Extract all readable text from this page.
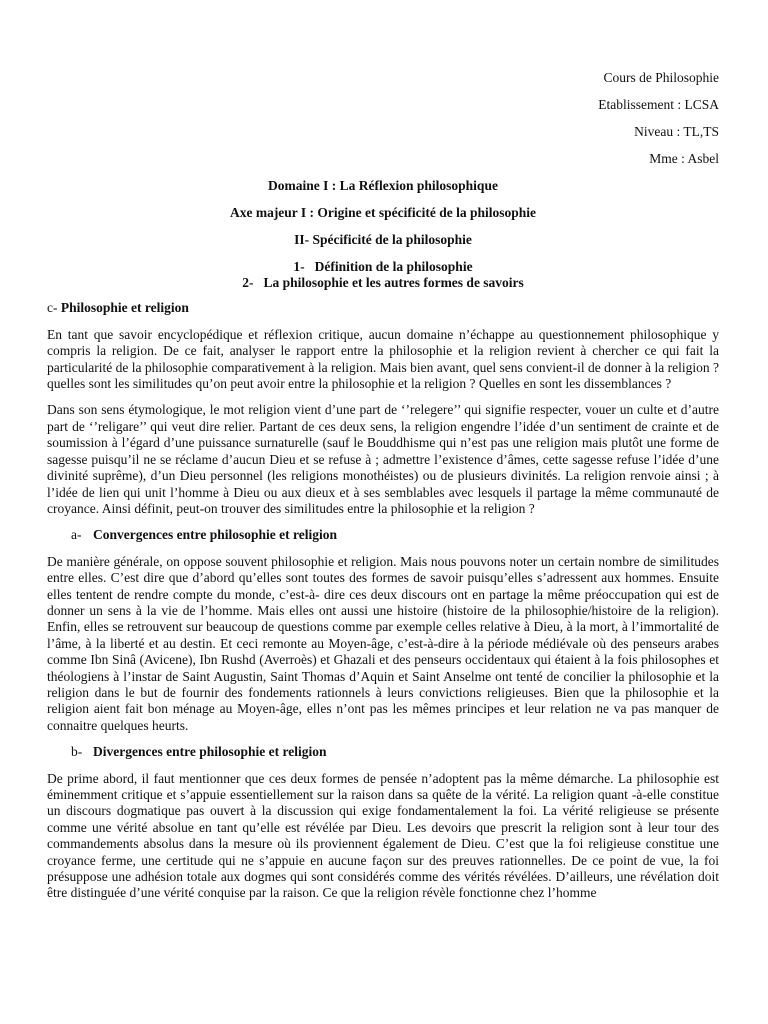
Cours de Philosophie
Etablissement : LCSA
Niveau : TL,TS
Mme : Asbel
Domaine I : La Réflexion philosophique
Axe majeur I : Origine et spécificité de la philosophie
II- Spécificité de la philosophie
1- Définition de la philosophie
2- La philosophie et les autres formes de savoirs
c- Philosophie et religion

En tant que savoir encyclopédique et réflexion critique, aucun domaine n’échappe au questionnement philosophique y compris la religion. De ce fait, analyser le rapport entre la philosophie et la religion revient à chercher ce qui fait la particularité de la philosophie comparativement à la religion. Mais bien avant, quel sens convient-il de donner à la religion ?quelles sont les similitudes qu’on peut avoir entre la philosophie et la religion ? Quelles en sont les dissemblances ?

Dans son sens étymologique, le mot religion vient d’une part de ‘’relegere’’ qui signifie respecter, vouer un culte et d’autre part de ‘’religare’’ qui veut dire relier. Partant de ces deux sens, la religion engendre l’idée d’un sentiment de crainte et de soumission à l’égard d’une puissance surnaturelle (sauf le Bouddhisme qui n’est pas une religion mais plutôt une forme de sagesse puisqu’il ne se réclame d’aucun Dieu et se refuse à ; admettre l’existence d’âmes, cette sagesse refuse l’idée d’une divinité suprême), d’un Dieu personnel (les religions monothéistes) ou de plusieurs divinités. La religion renvoie ainsi ; à l’idée de lien qui unit l’homme à Dieu ou aux dieux et à ses semblables avec lesquels il partage la même communauté de croyance. Ainsi définit, peut-on trouver des similitudes entre la philosophie et la religion ?

a- Convergences entre philosophie et religion

De manière générale, on oppose souvent philosophie et religion. Mais nous pouvons noter un certain nombre de similitudes entre elles. C’est dire que d’abord qu’elles sont toutes des formes de savoir puisqu’elles s’adressent aux hommes. Ensuite elles tentent de rendre compte du monde, c’est-à- dire ces deux discours ont en partage la même préoccupation qui est de donner un sens à la vie de l’homme. Mais elles ont aussi une histoire (histoire de la philosophie/histoire de la religion). Enfin, elles se retrouvent sur beaucoup de questions comme par exemple celles relative à Dieu, à la mort, à l’immortalité de l’âme, à la liberté et au destin. Et ceci remonte au Moyen-âge, c’est-à-dire à la période médiévale où des penseurs arabes comme Ibn Sinâ (Avicene), Ibn Rushd (Averroès) et Ghazali et des penseurs occidentaux qui étaient à la fois philosophes et théologiens à l’instar de Saint Augustin, Saint Thomas d’Aquin et Saint Anselme ont tenté de concilier la philosophie et la religion dans le but de fournir des fondements rationnels à leurs convictions religieuses. Bien que la philosophie et la religion aient fait bon ménage au Moyen-âge, elles n’ont pas les mêmes principes et leur relation ne va pas manquer de connaitre quelques heurts.

b- Divergences entre philosophie et religion

De prime abord, il faut mentionner que ces deux formes de pensée n’adoptent pas la même démarche. La philosophie est éminemment critique et s’appuie essentiellement sur la raison dans sa quête de la vérité. La religion quant -à-elle constitue un discours dogmatique pas ouvert à la discussion qui exige fondamentalement la foi. La vérité religieuse se présente comme une vérité absolue en tant qu’elle est révélée par Dieu. Les devoirs que prescrit la religion sont à leur tour des commandements absolus dans la mesure où ils proviennent également de Dieu. C’est que la foi religieuse constitue une croyance ferme, une certitude qui ne s’appuie en aucune façon sur des preuves rationnelles. De ce point de vue, la foi présuppose une adhésion totale aux dogmes qui sont considérés comme des vérités révélées. D’ailleurs, une révélation doit être distinguée d’une vérité conquise par la raison. Ce que la religion révèle fonctionne chez l’homme
